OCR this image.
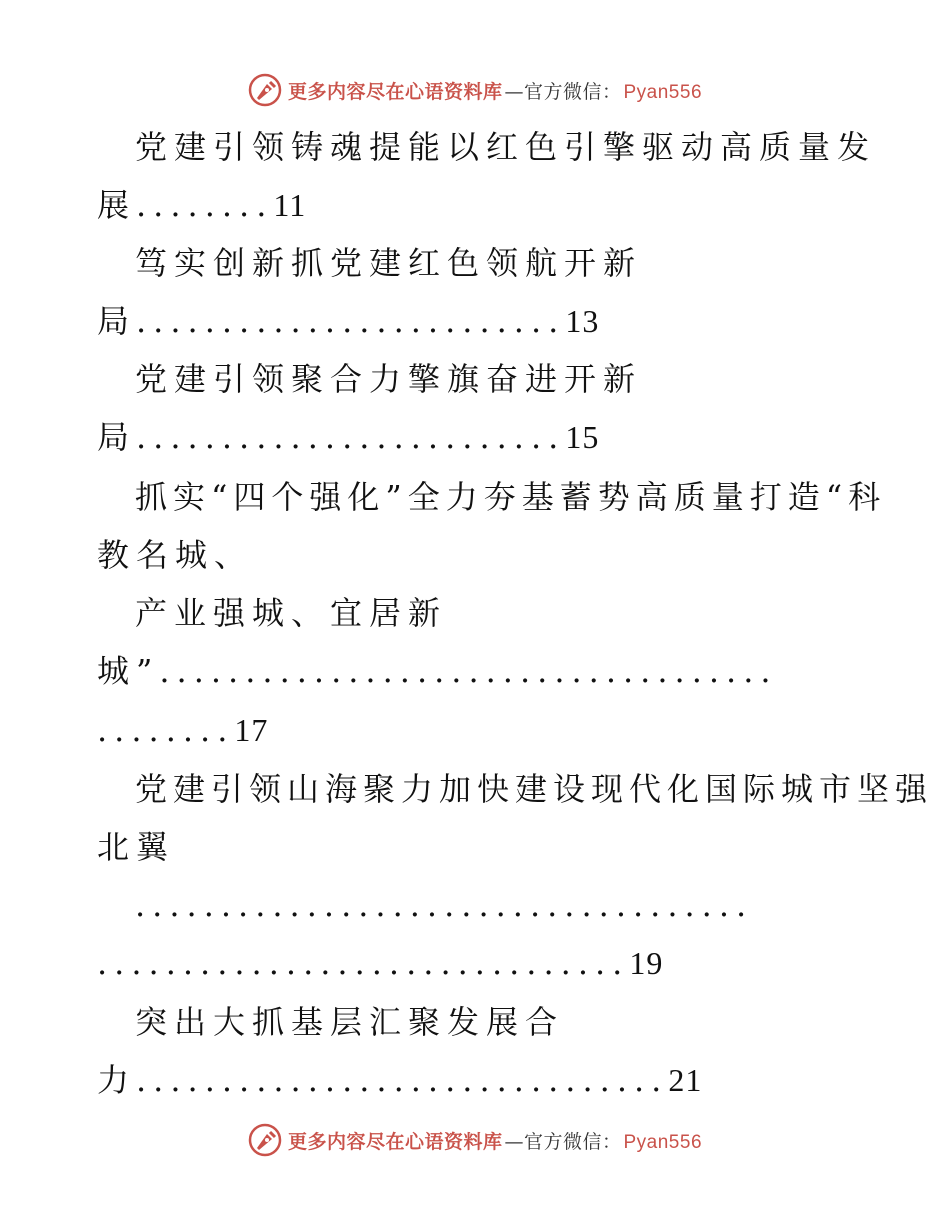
更多内容尽在心语资料库 —官方微信： Pyan556
党建引领铸魂提能以红色引擎驱动高质量发
展........11
笃实创新抓党建红色领航开新
局.........................13
党建引领聚合力擎旗奋进开新
局.........................15
抓实“四个强化”全力夯基蓄势高质量打造“科
教名城、
产业强城、宜居新
城”....................................
........17
党建引领山海聚力加快建设现代化国际城市坚强
北翼
....................................
...............................19
突出大抓基层汇聚发展合
力...............................21
更多内容尽在心语资料库 —官方微信： Pyan556
